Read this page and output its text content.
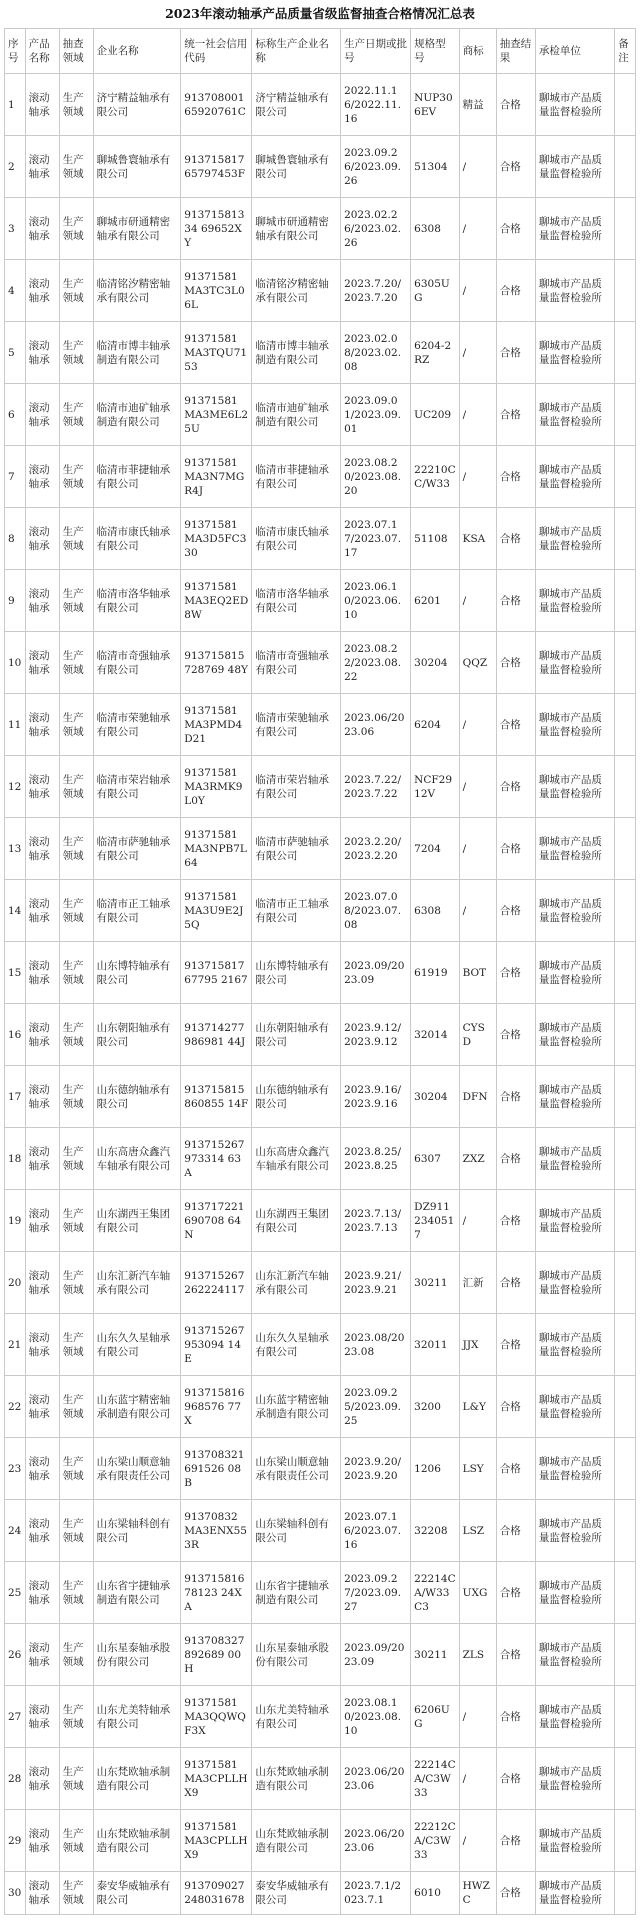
2023年滚动轴承产品质量省级监督抽查合格情况汇总表
序号	产品名称	抽查领域	企业名称	统一社会信用代码	标称生产企业名称	生产日期或批号	规格型号	商标	抽查结果	承检单位	备注
1	滚动轴承	生产领域	济宁精益轴承有限公司	91370800165920761C	济宁精益轴承有限公司	2022.11.16/2022.11.16	NUP306EV	精益	合格	聊城市产品质量监督检验所	
2	滚动轴承	生产领域	聊城鲁寰轴承有限公司	913715817 65797453F	聊城鲁寰轴承有限公司	2023.09.26/2023.09.26	51304	/	合格	聊城市产品质量监督检验所	
3	滚动轴承	生产领域	聊城市研通精密轴承有限公司	91371581334 69652XY	聊城市研通精密轴承有限公司	2023.02.26/2023.02.26	6308	/	合格	聊城市产品质量监督检验所	
4	滚动轴承	生产领域	临清铭汐精密轴承有限公司	91371581MA3TC3L06L	临清铭汐精密轴承有限公司	2023.7.20/2023.7.20	6305UG	/	合格	聊城市产品质量监督检验所	
5	滚动轴承	生产领域	临清市博丰轴承制造有限公司	91371581MA3TQU7153	临清市博丰轴承制造有限公司	2023.02.08/2023.02.08	6204-2RZ	/	合格	聊城市产品质量监督检验所	
6	滚动轴承	生产领域	临清市迪矿轴承制造有限公司	91371581MA3ME6L25U	临清市迪矿轴承制造有限公司	2023.09.01/2023.09.01	UC209	/	合格	聊城市产品质量监督检验所	
7	滚动轴承	生产领域	临清市菲捷轴承有限公司	91371581MA3N7MGR4J	临清市菲捷轴承有限公司	2023.08.20/2023.08.20	22210CC/W33	/	合格	聊城市产品质量监督检验所	
8	滚动轴承	生产领域	临清市康氏轴承有限公司	91371581MA3D5FC330	临清市康氏轴承有限公司	2023.07.17/2023.07.17	51108	KSA	合格	聊城市产品质量监督检验所	
9	滚动轴承	生产领域	临清市洛华轴承有限公司	91371581MA3EQ2ED8W	临清市洛华轴承有限公司	2023.06.10/2023.06.10	6201	/	合格	聊城市产品质量监督检验所	
10	滚动轴承	生产领域	临清市奇强轴承有限公司	913715815728769 48Y	临清市奇强轴承有限公司	2023.08.22/2023.08.22	30204	QQZ	合格	聊城市产品质量监督检验所	
11	滚动轴承	生产领域	临清市荣驰轴承有限公司	91371581MA3PMD4D21	临清市荣驰轴承有限公司	2023.06/2023.06	6204	/	合格	聊城市产品质量监督检验所	
12	滚动轴承	生产领域	临清市荣岩轴承有限公司	91371581MA3RMK9L0Y	临清市荣岩轴承有限公司	2023.7.22/2023.7.22	NCF2912V	/	合格	聊城市产品质量监督检验所	
13	滚动轴承	生产领域	临清市萨驰轴承有限公司	91371581MA3NPB7L64	临清市萨驰轴承有限公司	2023.2.20/2023.2.20	7204	/	合格	聊城市产品质量监督检验所	
14	滚动轴承	生产领域	临清市正工轴承有限公司	91371581MA3U9E2J5Q	临清市正工轴承有限公司	2023.07.08/2023.07.08	6308	/	合格	聊城市产品质量监督检验所	
15	滚动轴承	生产领域	山东博特轴承有限公司	91371581767795 2167	山东博特轴承有限公司	2023.09/2023.09	61919	BOT	合格	聊城市产品质量监督检验所	
16	滚动轴承	生产领域	山东朝阳轴承有限公司	913714277986981 44J	山东朝阳轴承有限公司	2023.9.12/2023.9.12	32014	CYSD	合格	聊城市产品质量监督检验所	
17	滚动轴承	生产领域	山东德纳轴承有限公司	913715815860855 14F	山东德纳轴承有限公司	2023.9.16/2023.9.16	30204	DFN	合格	聊城市产品质量监督检验所	
18	滚动轴承	生产领域	山东高唐众鑫汽车轴承有限公司	913715267973314 63A	山东高唐众鑫汽车轴承有限公司	2023.8.25/2023.8.25	6307	ZXZ	合格	聊城市产品质量监督检验所	
19	滚动轴承	生产领域	山东湖西王集团有限公司	913717221690708 64N	山东湖西王集团有限公司	2023.7.13/2023.7.13	DZ9112340517	/	合格	聊城市产品质量监督检验所	
20	滚动轴承	生产领域	山东汇新汽车轴承有限公司	913715267262224117	山东汇新汽车轴承有限公司	2023.9.21/2023.9.21	30211	汇新	合格	聊城市产品质量监督检验所	
21	滚动轴承	生产领域	山东久久星轴承有限公司	913715267953094 14E	山东久久星轴承有限公司	2023.08/2023.08	32011	JJX	合格	聊城市产品质量监督检验所	
22	滚动轴承	生产领域	山东蓝宇精密轴承制造有限公司	913715816968576 77X	山东蓝宇精密轴承制造有限公司	2023.09.25/2023.09.25	3200	L&Y	合格	聊城市产品质量监督检验所	
23	滚动轴承	生产领域	山东梁山顺意轴承有限责任公司	913708321691526 08B	山东梁山顺意轴承有限责任公司	2023.9.20/2023.9.20	1206	LSY	合格	聊城市产品质量监督检验所	
24	滚动轴承	生产领域	山东梁轴科创有限公司	91370832MA3ENX553R	山东梁轴科创有限公司	2023.07.16/2023.07.16	32208	LSZ	合格	聊城市产品质量监督检验所	
25	滚动轴承	生产领域	山东省宇捷轴承制造有限公司	91371581678123 24XA	山东省宇捷轴承制造有限公司	2023.09.27/2023.09.27	22214CA/W33C3	UXG	合格	聊城市产品质量监督检验所	
26	滚动轴承	生产领域	山东星泰轴承股份有限公司	913708327892689 00H	山东星泰轴承股份有限公司	2023.09/2023.09	30211	ZLS	合格	聊城市产品质量监督检验所	
27	滚动轴承	生产领域	山东尤美特轴承有限公司	91371581MA3QQWQF3X	山东尤美特轴承有限公司	2023.08.10/2023.08.10	6206UG	/	合格	聊城市产品质量监督检验所	
28	滚动轴承	生产领域	山东梵欧轴承制造有限公司	91371581MA3CPLLHX9	山东梵欧轴承制造有限公司	2023.06/2023.06	22214CA/C3W33	/	合格	聊城市产品质量监督检验所	
29	滚动轴承	生产领域	山东梵欧轴承制造有限公司	91371581MA3CPLLHX9	山东梵欧轴承制造有限公司	2023.06/2023.06	22212CA/C3W33	/	合格	聊城市产品质量监督检验所	
30	滚动轴承	生产领域	泰安华威轴承有限公司	913709027248031678	泰安华威轴承有限公司	2023.7.1/2023.7.1	6010	HWZC	合格	聊城市产品质量监督检验所	
